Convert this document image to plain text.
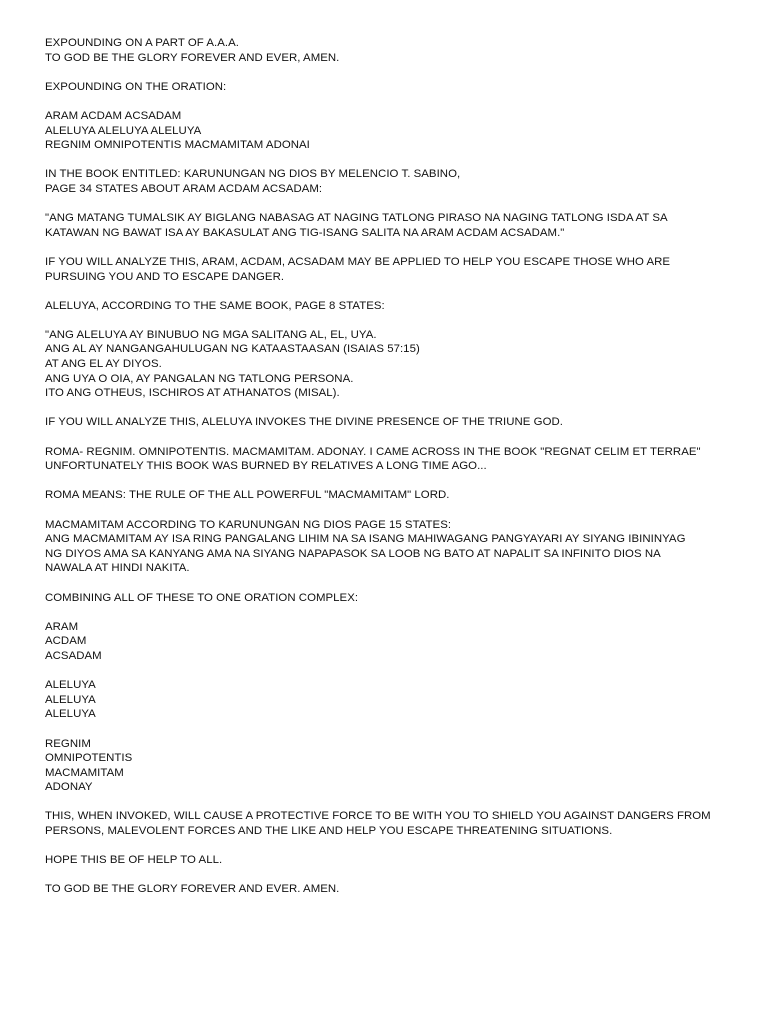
EXPOUNDING ON A PART OF A.A.A.
TO GOD BE THE GLORY FOREVER AND EVER, AMEN.
EXPOUNDING ON THE ORATION:
ARAM ACDAM ACSADAM
ALELUYA ALELUYA ALELUYA
REGNIM OMNIPOTENTIS MACMAMITAM ADONAI
IN THE BOOK ENTITLED: KARUNUNGAN NG DIOS BY MELENCIO T. SABINO,
PAGE 34 STATES ABOUT ARAM ACDAM ACSADAM:
"ANG MATANG TUMALSIK AY BIGLANG NABASAG AT NAGING TATLONG PIRASO NA NAGING TATLONG ISDA AT SA
KATAWAN NG BAWAT ISA AY BAKASULAT ANG TIG-ISANG SALITA NA ARAM ACDAM ACSADAM."
IF YOU WILL ANALYZE THIS, ARAM, ACDAM, ACSADAM MAY BE APPLIED TO HELP YOU ESCAPE THOSE WHO ARE
PURSUING YOU AND TO ESCAPE DANGER.
ALELUYA, ACCORDING TO THE SAME BOOK, PAGE 8 STATES:
"ANG ALELUYA AY BINUBUO NG MGA SALITANG AL, EL, UYA.
ANG AL AY NANGANGAHULUGAN NG KATAASTAASAN (ISAIAS 57:15)
AT ANG EL AY DIYOS.
ANG UYA O OIA, AY PANGALAN NG TATLONG PERSONA.
ITO ANG OTHEUS, ISCHIROS AT ATHANATOS (MISAL).
IF YOU WILL ANALYZE THIS, ALELUYA INVOKES THE DIVINE PRESENCE OF THE TRIUNE GOD.
ROMA- REGNIM. OMNIPOTENTIS. MACMAMITAM. ADONAY. I CAME ACROSS IN THE BOOK "REGNAT CELIM ET TERRAE"
UNFORTUNATELY THIS BOOK WAS BURNED BY RELATIVES A LONG TIME AGO...
ROMA MEANS: THE RULE OF THE ALL POWERFUL "MACMAMITAM" LORD.
MACMAMITAM ACCORDING TO KARUNUNGAN NG DIOS PAGE 15 STATES:
ANG MACMAMITAM AY ISA RING PANGALANG LIHIM NA SA ISANG MAHIWAGANG PANGYAYARI AY SIYANG IBININYAG
NG DIYOS AMA SA KANYANG AMA NA SIYANG NAPAPASOK SA LOOB NG BATO AT NAPALIT SA INFINITO DIOS NA
NAWALA AT HINDI NAKITA.
COMBINING ALL OF THESE TO ONE ORATION COMPLEX:
ARAM
ACDAM
ACSADAM
ALELUYA
ALELUYA
ALELUYA
REGNIM
OMNIPOTENTIS
MACMAMITAM
ADONAY
THIS, WHEN INVOKED, WILL CAUSE A PROTECTIVE FORCE TO BE WITH YOU TO SHIELD YOU AGAINST DANGERS FROM
PERSONS, MALEVOLENT FORCES AND THE LIKE AND HELP YOU ESCAPE THREATENING SITUATIONS.
HOPE THIS BE OF HELP TO ALL.
TO GOD BE THE GLORY FOREVER AND EVER. AMEN.
